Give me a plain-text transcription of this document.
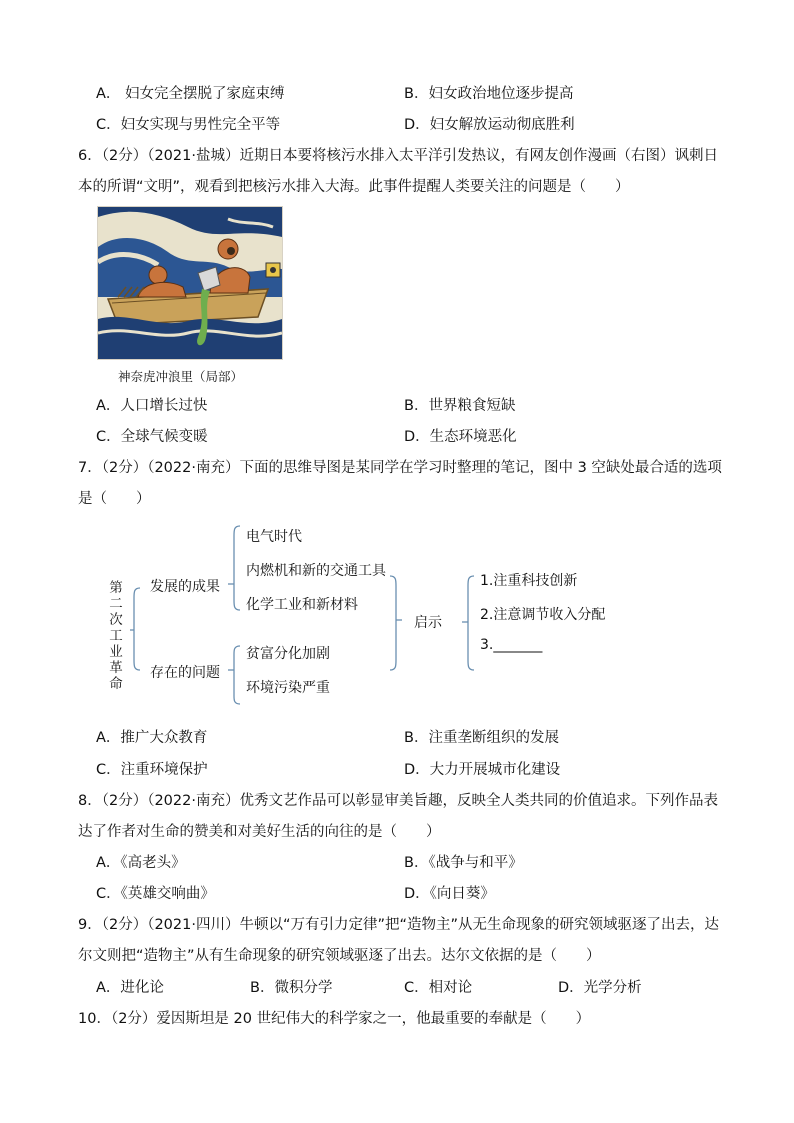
A． 妇女完全摆脱了家庭束缚	B．妇女政治地位逐步提高
C．妇女实现与男性完全平等	D．妇女解放运动彻底胜利
6．（2分）（2021·盐城）近期日本要将核污水排入太平洋引发热议，有网友创作漫画（右图）讽刺日
本的所谓“文明”，观看到把核污水排入大海。此事件提醒人类要关注的问题是（　　）
神奈虎冲浪里（局部）
A．人口增长过快	B．世界粮食短缺
C．全球气候变暖	D．生态环境恶化
7．（2分）（2022·南充）下面的思维导图是某同学在学习时整理的笔记，图中 3 空缺处最合适的选项
是（　　）
第二次工业革命
发展的成果
存在的问题
电气时代
内燃机和新的交通工具
化学工业和新材料
贫富分化加剧
环境污染严重
启示
1.注重科技创新
2.注意调节收入分配
3._______
A．推广大众教育	B．注重垄断组织的发展
C．注重环境保护	D．大力开展城市化建设
8．（2分）（2022·南充）优秀文艺作品可以彰显审美旨趣，反映全人类共同的价值追求。下列作品表
达了作者对生命的赞美和对美好生活的向往的是（　　）
A．《高老头》	B．《战争与和平》
C．《英雄交响曲》	D．《向日葵》
9．（2分）（2021·四川）牛顿以“万有引力定律”把“造物主”从无生命现象的研究领域驱逐了出去，达
尔文则把“造物主”从有生命现象的研究领域驱逐了出去。达尔文依据的是（　　）
A．进化论	B．微积分学	C．相对论	D．光学分析
10．（2分）爱因斯坦是 20 世纪伟大的科学家之一，他最重要的奉献是（　　）
